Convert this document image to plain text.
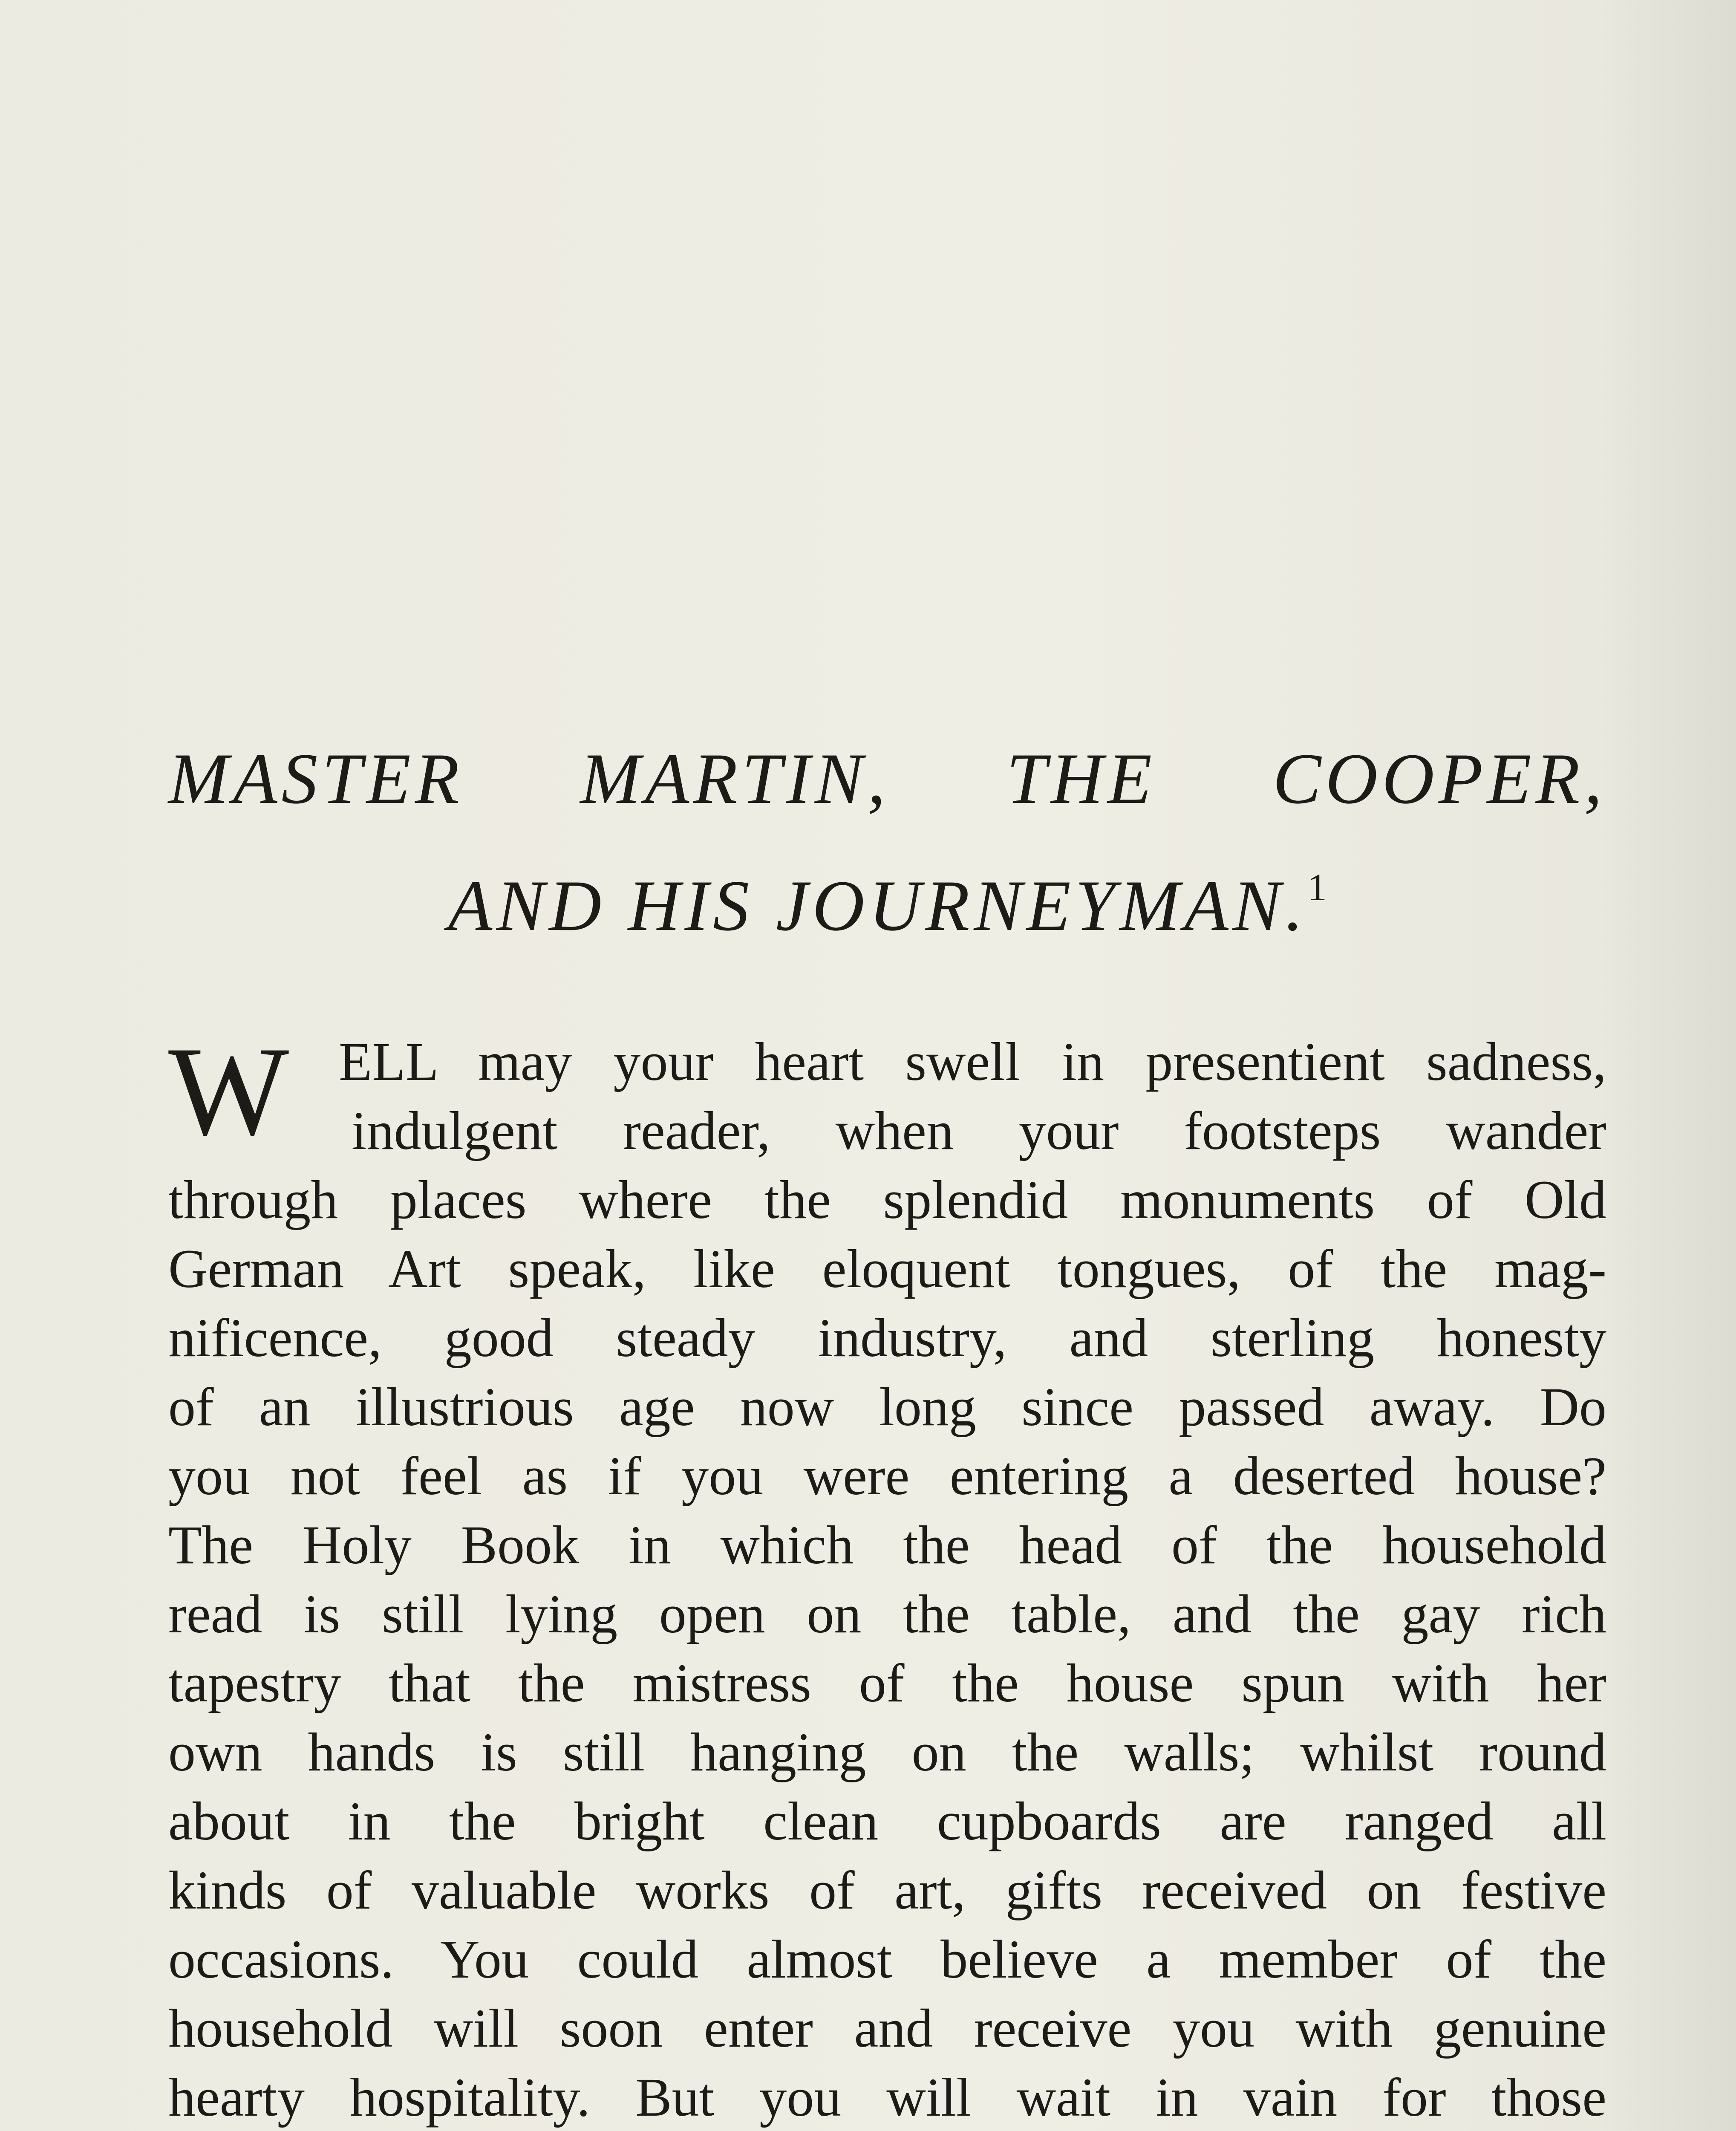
MASTER MARTIN, THE COOPER,
AND HIS JOURNEYMAN.$^1$
W ELL may your heart swell in presentient sadness,
indulgent reader, when your footsteps wander
through places where the splendid monuments of Old
German Art speak, like eloquent tongues, of the mag-
nificence, good steady industry, and sterling honesty
of an illustrious age now long since passed away. Do
you not feel as if you were entering a deserted house?
The Holy Book in which the head of the household
read is still lying open on the table, and the gay rich
tapestry that the mistress of the house spun with her
own hands is still hanging on the walls; whilst round
about in the bright clean cupboards are ranged all
kinds of valuable works of art, gifts received on festive
occasions. You could almost believe a member of the
household will soon enter and receive you with genuine
hearty hospitality. But you will wait in vain for those
